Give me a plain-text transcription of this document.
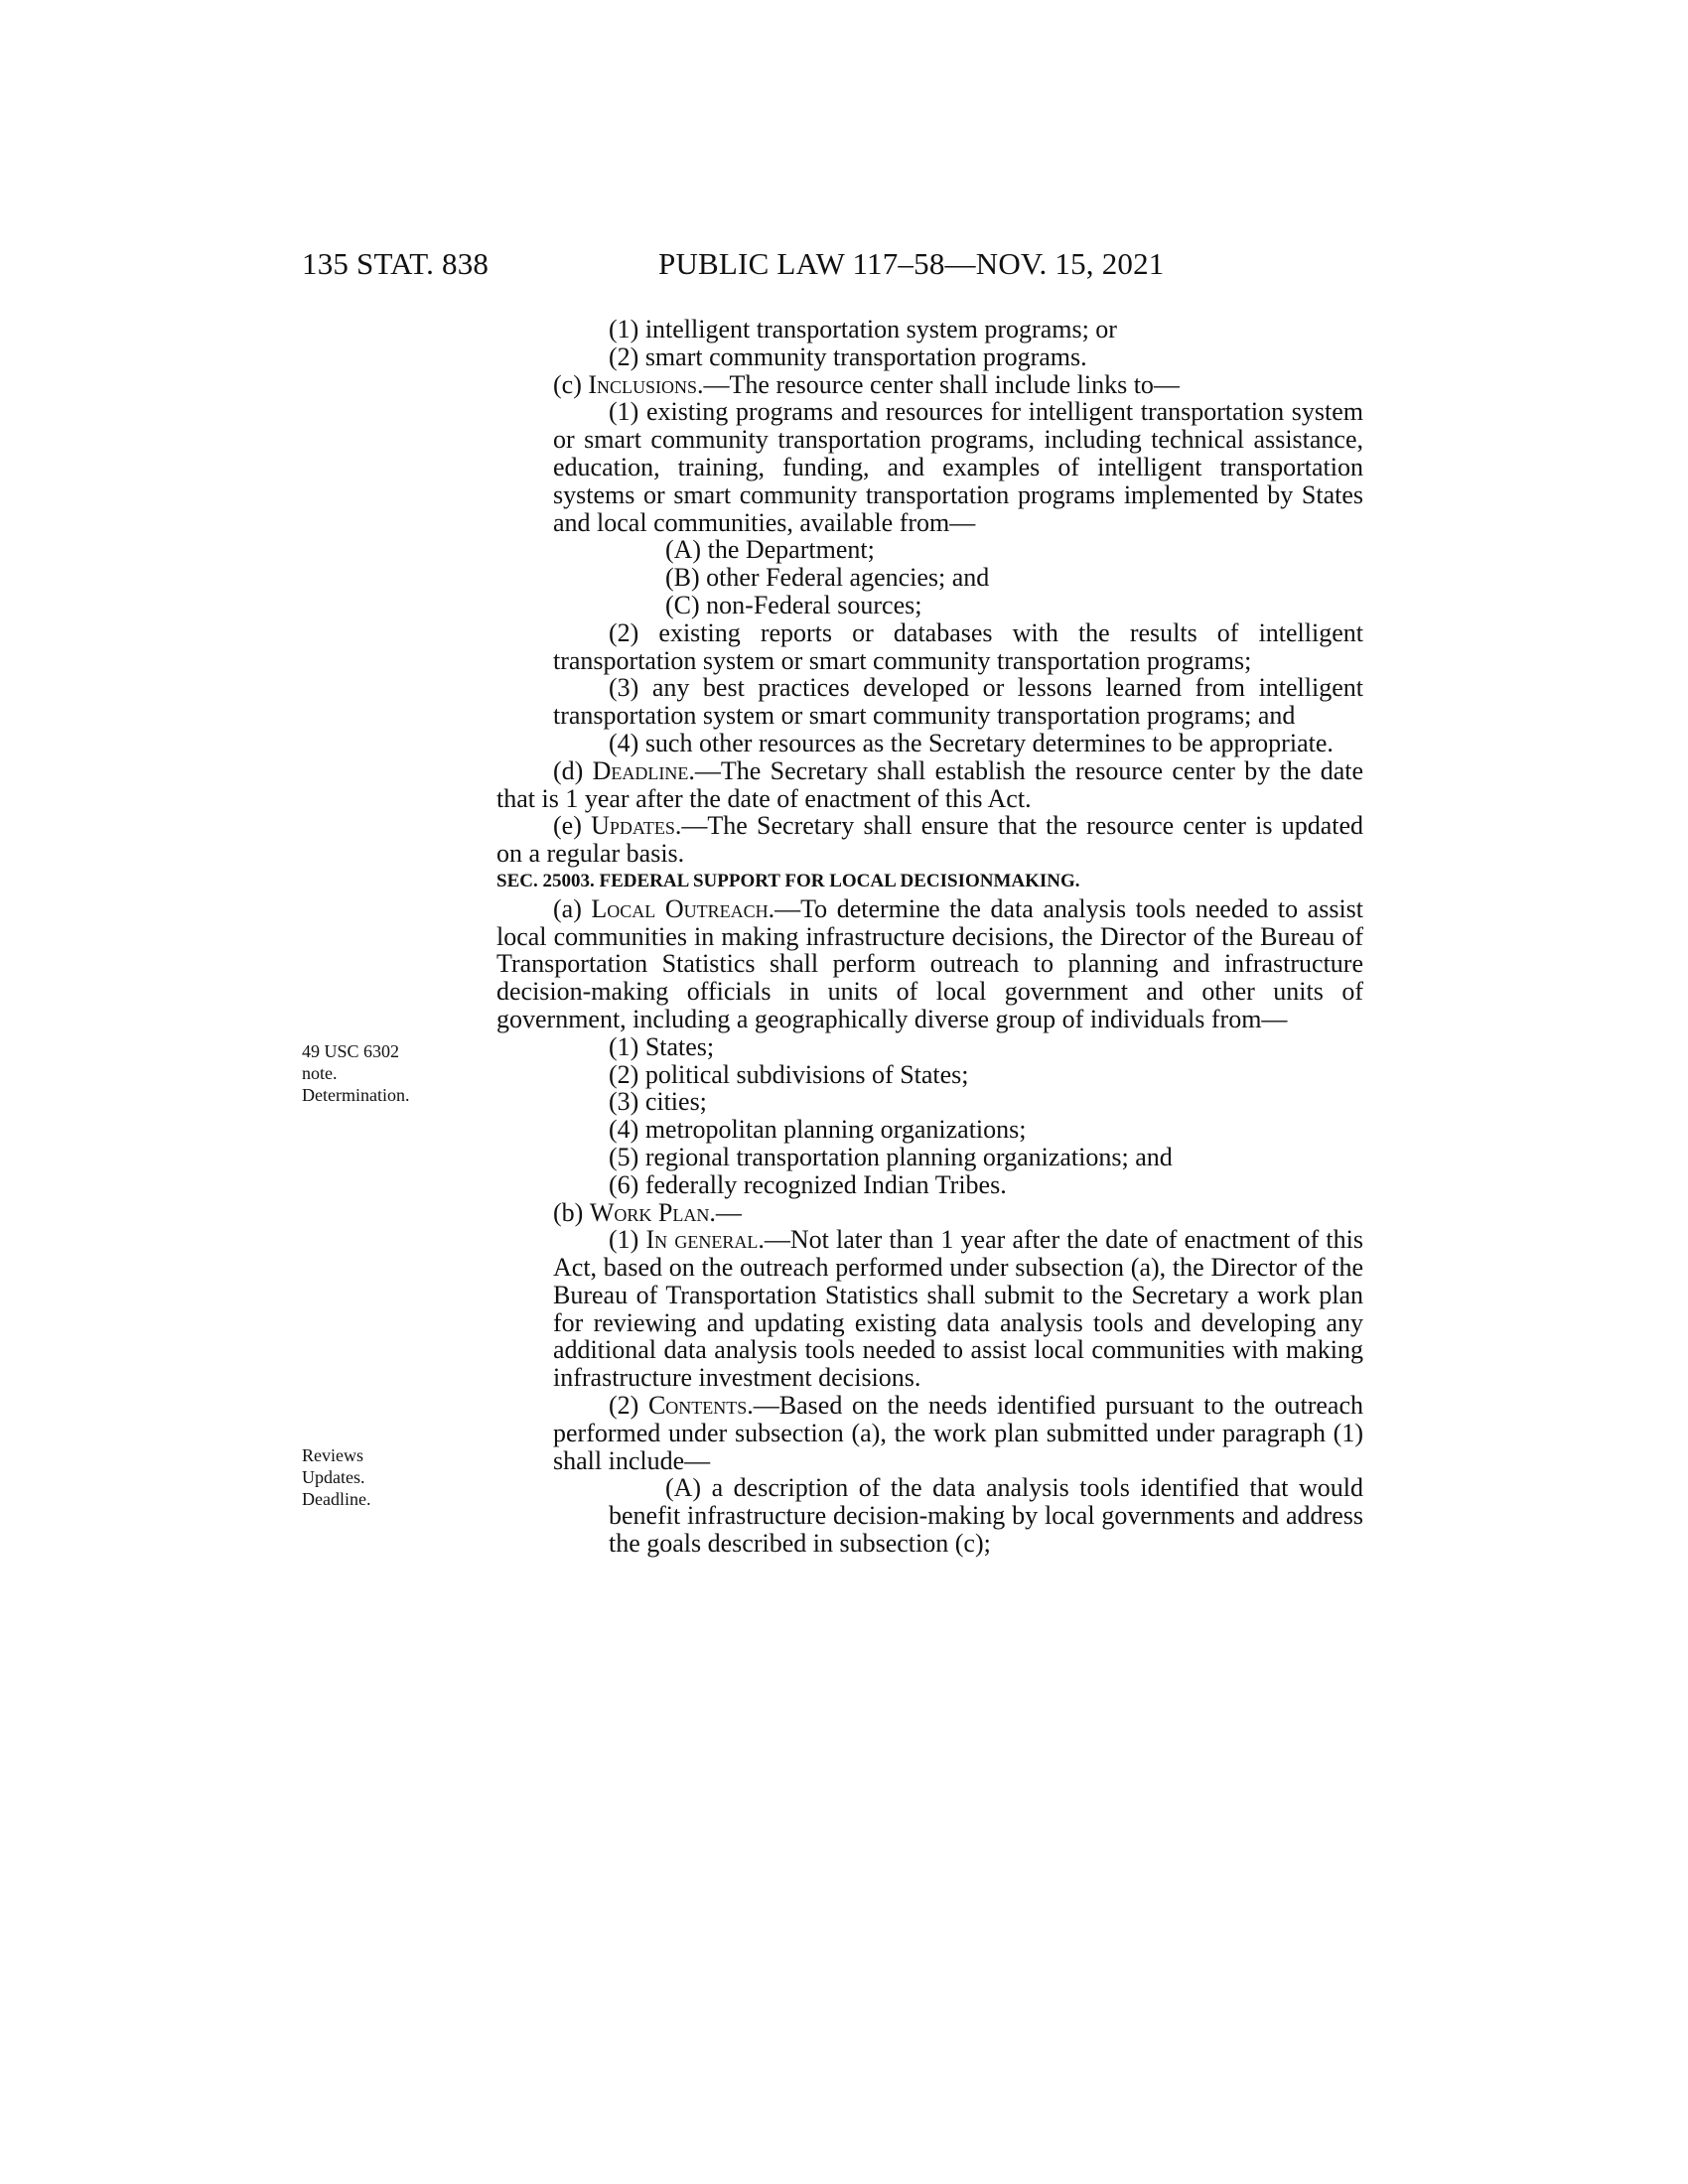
135 STAT. 838	PUBLIC LAW 117–58—NOV. 15, 2021
49 USC 6302
note.
Determination.
Reviews
Updates.
Deadline.

(1) intelligent transportation system programs; or

(2) smart community transportation programs.

(c) Inclusions.—The resource center shall include links to—

(1) existing programs and resources for intelligent transportation system or smart community transportation programs, including technical assistance, education, training, funding, and examples of intelligent transportation systems or smart community transportation programs implemented by States and local communities, available from—

(A) the Department;

(B) other Federal agencies; and

(C) non-Federal sources;

(2) existing reports or databases with the results of intelligent transportation system or smart community transportation programs;

(3) any best practices developed or lessons learned from intelligent transportation system or smart community transportation programs; and

(4) such other resources as the Secretary determines to be appropriate.

(d) Deadline.—The Secretary shall establish the resource center by the date that is 1 year after the date of enactment of this Act.

(e) Updates.—The Secretary shall ensure that the resource center is updated on a regular basis.

SEC. 25003. FEDERAL SUPPORT FOR LOCAL DECISIONMAKING.

(a) Local Outreach.—To determine the data analysis tools needed to assist local communities in making infrastructure decisions, the Director of the Bureau of Transportation Statistics shall perform outreach to planning and infrastructure decision-making officials in units of local government and other units of government, including a geographically diverse group of individuals from—

(1) States;

(2) political subdivisions of States;

(3) cities;

(4) metropolitan planning organizations;

(5) regional transportation planning organizations; and

(6) federally recognized Indian Tribes.

(b) Work Plan.—

(1) In general.—Not later than 1 year after the date of enactment of this Act, based on the outreach performed under subsection (a), the Director of the Bureau of Transportation Statistics shall submit to the Secretary a work plan for reviewing and updating existing data analysis tools and developing any additional data analysis tools needed to assist local communities with making infrastructure investment decisions.

(2) Contents.—Based on the needs identified pursuant to the outreach performed under subsection (a), the work plan submitted under paragraph (1) shall include—

(A) a description of the data analysis tools identified that would benefit infrastructure decision-making by local governments and address the goals described in subsection (c);
